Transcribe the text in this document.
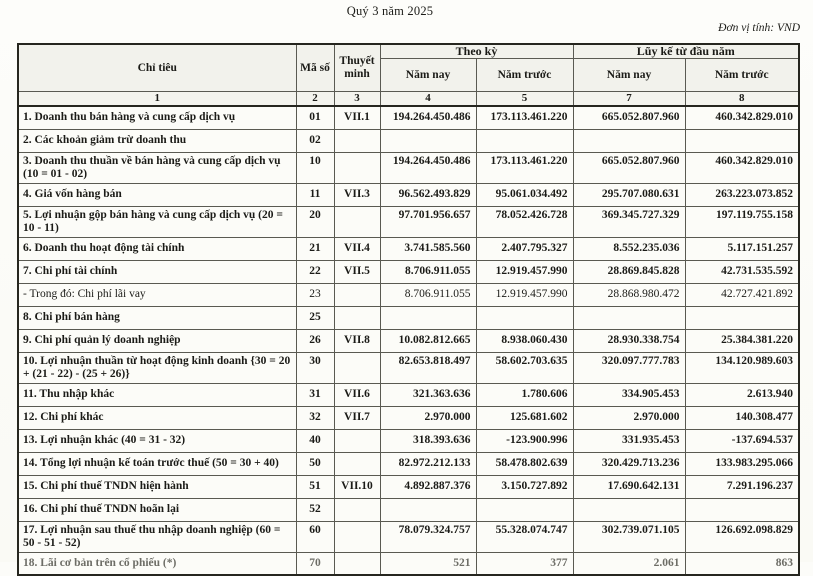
Quý 3 năm 2025
Đơn vị tính: VND
Chỉ tiêu	Mã số	Thuyết minh	Theo kỳ		Lũy kế từ đầu năm	
			Năm nay	Năm trước	Năm nay	Năm trước
1	2	3	4	5	7	8
1. Doanh thu bán hàng và cung cấp dịch vụ	01	VII.1	194.264.450.486	173.113.461.220	665.052.807.960	460.342.829.010
2. Các khoản giảm trừ doanh thu	02					
3. Doanh thu thuần về bán hàng và cung cấp dịch vụ (10 = 01 - 02)	10		194.264.450.486	173.113.461.220	665.052.807.960	460.342.829.010
4. Giá vốn hàng bán	11	VII.3	96.562.493.829	95.061.034.492	295.707.080.631	263.223.073.852
5. Lợi nhuận gộp bán hàng và cung cấp dịch vụ (20 = 10 - 11)	20		97.701.956.657	78.052.426.728	369.345.727.329	197.119.755.158
6. Doanh thu hoạt động tài chính	21	VII.4	3.741.585.560	2.407.795.327	8.552.235.036	5.117.151.257
7. Chi phí tài chính	22	VII.5	8.706.911.055	12.919.457.990	28.869.845.828	42.731.535.592
- Trong đó: Chi phí lãi vay	23		8.706.911.055	12.919.457.990	28.868.980.472	42.727.421.892
8. Chi phí bán hàng	25					
9. Chi phí quản lý doanh nghiệp	26	VII.8	10.082.812.665	8.938.060.430	28.930.338.754	25.384.381.220
10. Lợi nhuận thuần từ hoạt động kinh doanh {30 = 20 + (21 - 22) - (25 + 26)}	30		82.653.818.497	58.602.703.635	320.097.777.783	134.120.989.603
11. Thu nhập khác	31	VII.6	321.363.636	1.780.606	334.905.453	2.613.940
12. Chi phí khác	32	VII.7	2.970.000	125.681.602	2.970.000	140.308.477
13. Lợi nhuận khác (40 = 31 - 32)	40		318.393.636	-123.900.996	331.935.453	-137.694.537
14. Tổng lợi nhuận kế toán trước thuế (50 = 30 + 40)	50		82.972.212.133	58.478.802.639	320.429.713.236	133.983.295.066
15. Chi phí thuế TNDN hiện hành	51	VII.10	4.892.887.376	3.150.727.892	17.690.642.131	7.291.196.237
16. Chi phí thuế TNDN hoãn lại	52					
17. Lợi nhuận sau thuế thu nhập doanh nghiệp (60 = 50 - 51 - 52)	60		78.079.324.757	55.328.074.747	302.739.071.105	126.692.098.829
18. Lãi cơ bản trên cổ phiếu (*)	70		521	377	2.061	863
